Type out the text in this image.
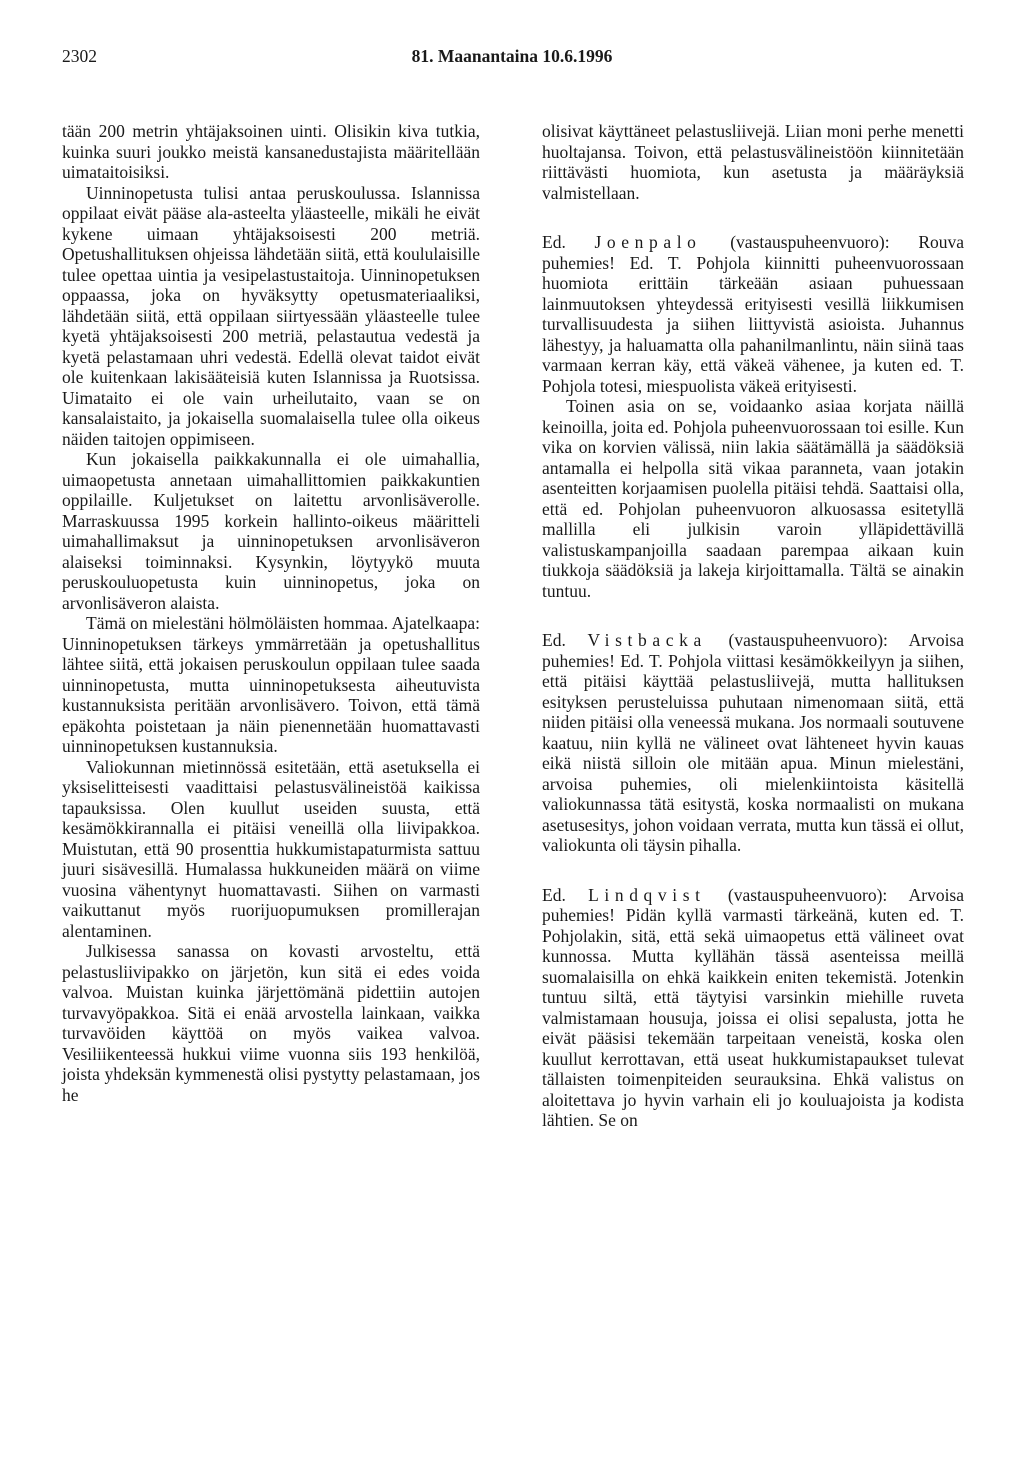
2302	81. Maanantaina 10.6.1996

tään 200 metrin yhtäjaksoinen uinti. Olisikin kiva tutkia, kuinka suuri joukko meistä kansanedustajista määritellään uimataitoisiksi.

Uinninopetusta tulisi antaa peruskoulussa. Islannissa oppilaat eivät pääse ala-asteelta yläasteelle, mikäli he eivät kykene uimaan yhtäjaksoisesti 200 metriä. Opetushallituksen ohjeissa lähdetään siitä, että koululaisille tulee opettaa uintia ja vesipelastustaitoja. Uinninopetuksen oppaassa, joka on hyväksytty opetusmateriaaliksi, lähdetään siitä, että oppilaan siirtyessään yläasteelle tulee kyetä yhtäjaksoisesti 200 metriä, pelastautua vedestä ja kyetä pelastamaan uhri vedestä. Edellä olevat taidot eivät ole kuitenkaan lakisääteisiä kuten Islannissa ja Ruotsissa. Uimataito ei ole vain urheilutaito, vaan se on kansalaistaito, ja jokaisella suomalaisella tulee olla oikeus näiden taitojen oppimiseen.

Kun jokaisella paikkakunnalla ei ole uimahallia, uimaopetusta annetaan uimahallittomien paikkakuntien oppilaille. Kuljetukset on laitettu arvonlisäverolle. Marraskuussa 1995 korkein hallinto-oikeus määritteli uimahallimaksut ja uinninopetuksen arvonlisäveron alaiseksi toiminnaksi. Kysynkin, löytyykö muuta peruskouluopetusta kuin uinninopetus, joka on arvonlisäveron alaista.

Tämä on mielestäni hölmöläisten hommaa. Ajatelkaapa: Uinninopetuksen tärkeys ymmärretään ja opetushallitus lähtee siitä, että jokaisen peruskoulun oppilaan tulee saada uinninopetusta, mutta uinninopetuksesta aiheutuvista kustannuksista peritään arvonlisävero. Toivon, että tämä epäkohta poistetaan ja näin pienennetään huomattavasti uinninopetuksen kustannuksia.

Valiokunnan mietinnössä esitetään, että asetuksella ei yksiselitteisesti vaadittaisi pelastusvälineistöä kaikissa tapauksissa. Olen kuullut useiden suusta, että kesämökkirannalla ei pitäisi veneillä olla liivipakkoa. Muistutan, että 90 prosenttia hukkumistapaturmista sattuu juuri sisävesillä. Humalassa hukkuneiden määrä on viime vuosina vähentynyt huomattavasti. Siihen on varmasti vaikuttanut myös ruorijuopumuksen promillerajan alentaminen.

Julkisessa sanassa on kovasti arvosteltu, että pelastusliivipakko on järjetön, kun sitä ei edes voida valvoa. Muistan kuinka järjettömänä pidettiin autojen turvavyöpakkoa. Sitä ei enää arvostella lainkaan, vaikka turvavöiden käyttöä on myös vaikea valvoa. Vesiliikenteessä hukkui viime vuonna siis 193 henkilöä, joista yhdeksän kymmenestä olisi pystytty pelastamaan, jos he

olisivat käyttäneet pelastusliivejä. Liian moni perhe menetti huoltajansa. Toivon, että pelastusvälineistöön kiinnitetään riittävästi huomiota, kun asetusta ja määräyksiä valmistellaan.

Ed. Joenpalo (vastauspuheenvuoro): Rouva puhemies! Ed. T. Pohjola kiinnitti puheenvuorossaan huomiota erittäin tärkeään asiaan puhuessaan lainmuutoksen yhteydessä erityisesti vesillä liikkumisen turvallisuudesta ja siihen liittyvistä asioista. Juhannus lähestyy, ja haluamatta olla pahanilmanlintu, näin siinä taas varmaan kerran käy, että väkeä vähenee, ja kuten ed. T. Pohjola totesi, miespuolista väkeä erityisesti.

Toinen asia on se, voidaanko asiaa korjata näillä keinoilla, joita ed. Pohjola puheenvuorossaan toi esille. Kun vika on korvien välissä, niin lakia säätämällä ja säädöksiä antamalla ei helpolla sitä vikaa paranneta, vaan jotakin asenteitten korjaamisen puolella pitäisi tehdä. Saattaisi olla, että ed. Pohjolan puheenvuoron alkuosassa esitetyllä mallilla eli julkisin varoin ylläpidettävillä valistuskampanjoilla saadaan parempaa aikaan kuin tiukkoja säädöksiä ja lakeja kirjoittamalla. Tältä se ainakin tuntuu.

Ed. Vistbacka (vastauspuheenvuoro): Arvoisa puhemies! Ed. T. Pohjola viittasi kesämökkeilyyn ja siihen, että pitäisi käyttää pelastusliivejä, mutta hallituksen esityksen perusteluissa puhutaan nimenomaan siitä, että niiden pitäisi olla veneessä mukana. Jos normaali soutuvene kaatuu, niin kyllä ne välineet ovat lähteneet hyvin kauas eikä niistä silloin ole mitään apua. Minun mielestäni, arvoisa puhemies, oli mielenkiintoista käsitellä valiokunnassa tätä esitystä, koska normaalisti on mukana asetusesitys, johon voidaan verrata, mutta kun tässä ei ollut, valiokunta oli täysin pihalla.

Ed. Lindqvist (vastauspuheenvuoro): Arvoisa puhemies! Pidän kyllä varmasti tärkeänä, kuten ed. T. Pohjolakin, sitä, että sekä uimaopetus että välineet ovat kunnossa. Mutta kyllähän tässä asenteissa meillä suomalaisilla on ehkä kaikkein eniten tekemistä. Jotenkin tuntuu siltä, että täytyisi varsinkin miehille ruveta valmistamaan housuja, joissa ei olisi sepalusta, jotta he eivät pääsisi tekemään tarpeitaan veneistä, koska olen kuullut kerrottavan, että useat hukkumistapaukset tulevat tällaisten toimenpiteiden seurauksina. Ehkä valistus on aloitettava jo hyvin varhain eli jo kouluajoista ja kodista lähtien. Se on
